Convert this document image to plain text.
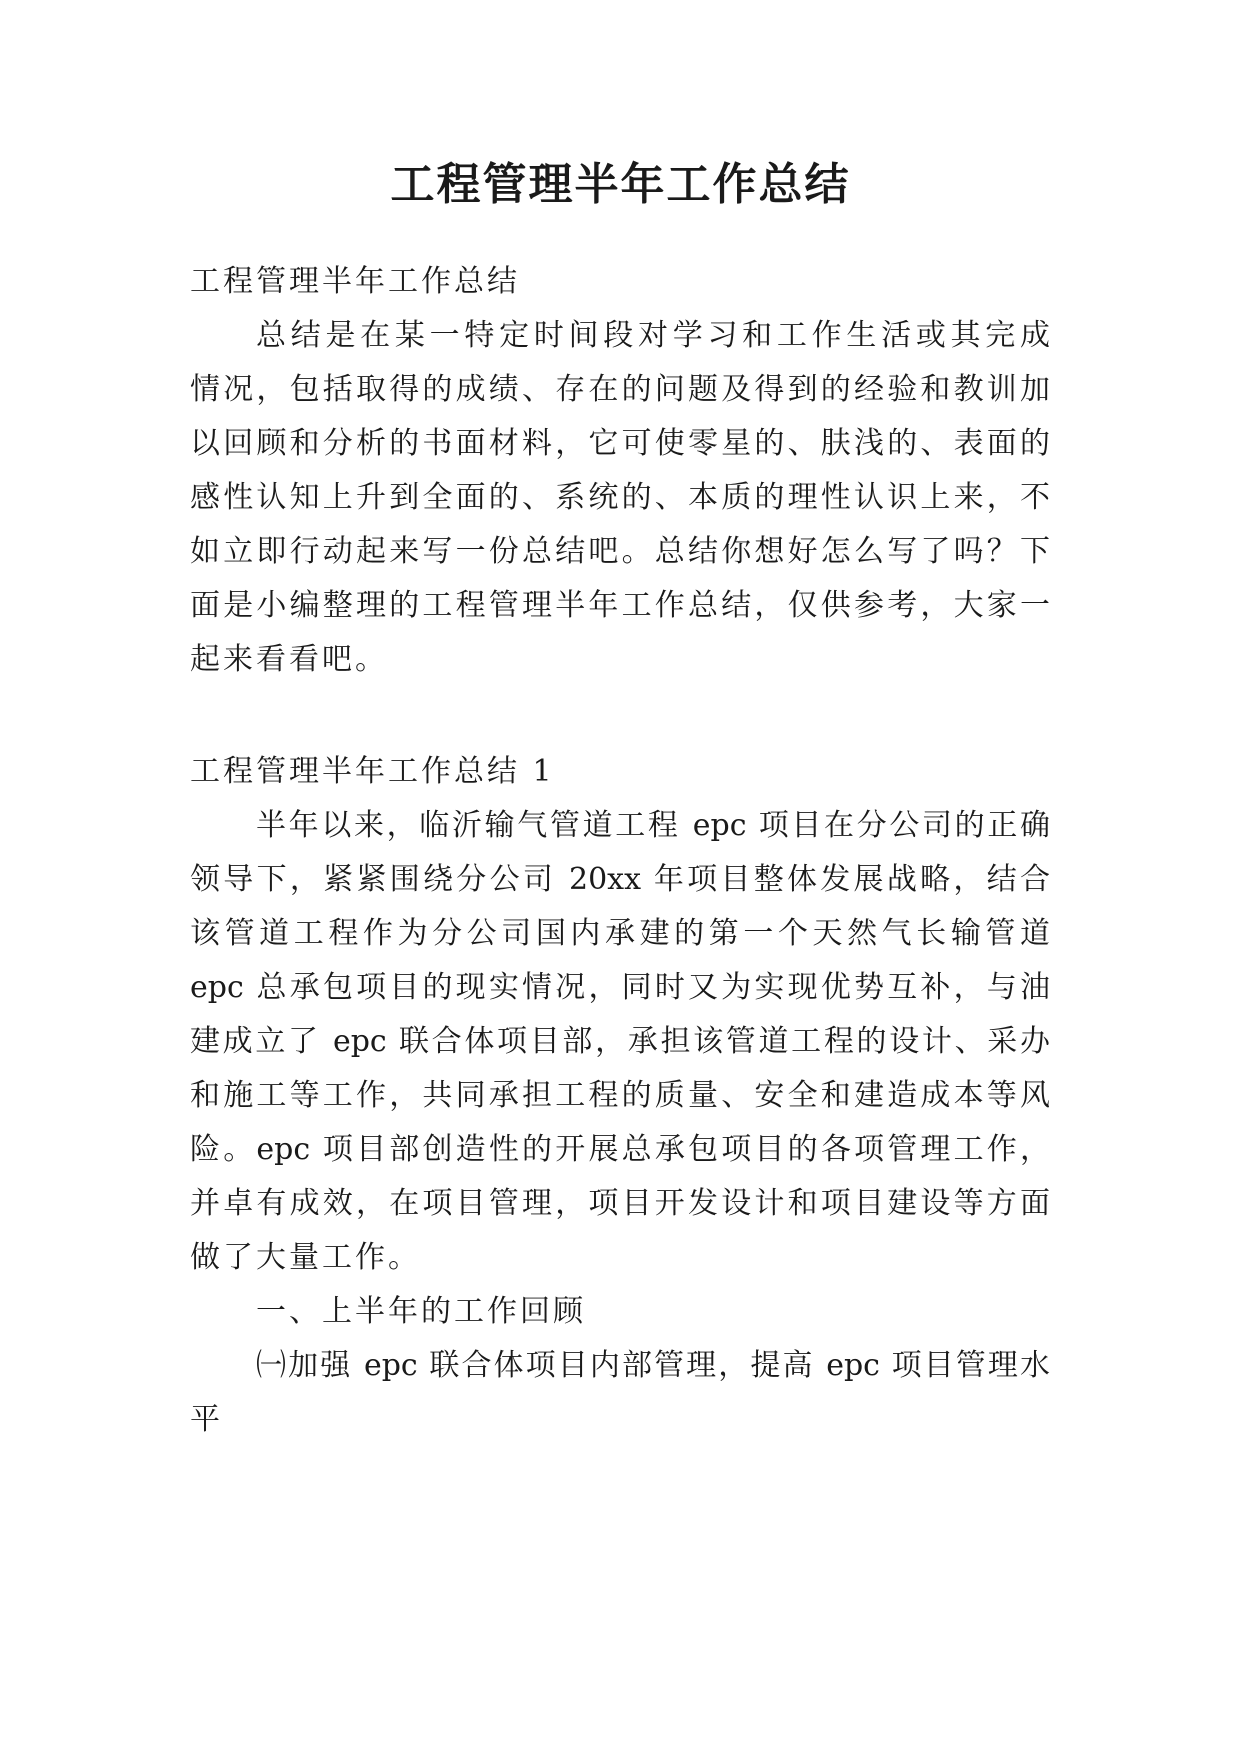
工程管理半年工作总结

工程管理半年工作总结

总结是在某一特定时间段对学习和工作生活或其完成

情况，包括取得的成绩、存在的问题及得到的经验和教训加

以回顾和分析的书面材料，它可使零星的、肤浅的、表面的

感性认知上升到全面的、系统的、本质的理性认识上来，不

如立即行动起来写一份总结吧。总结你想好怎么写了吗？下

面是小编整理的工程管理半年工作总结，仅供参考，大家一

起来看看吧。

工程管理半年工作总结 1

半年以来，临沂输气管道工程 epc 项目在分公司的正确

领导下，紧紧围绕分公司 20xx 年项目整体发展战略，结合

该管道工程作为分公司国内承建的第一个天然气长输管道

epc 总承包项目的现实情况，同时又为实现优势互补，与油

建成立了 epc 联合体项目部，承担该管道工程的设计、采办

和施工等工作，共同承担工程的质量、安全和建造成本等风

险。epc 项目部创造性的开展总承包项目的各项管理工作，

并卓有成效，在项目管理，项目开发设计和项目建设等方面

做了大量工作。

一、上半年的工作回顾

㈠加强 epc 联合体项目内部管理，提高 epc 项目管理水

平
